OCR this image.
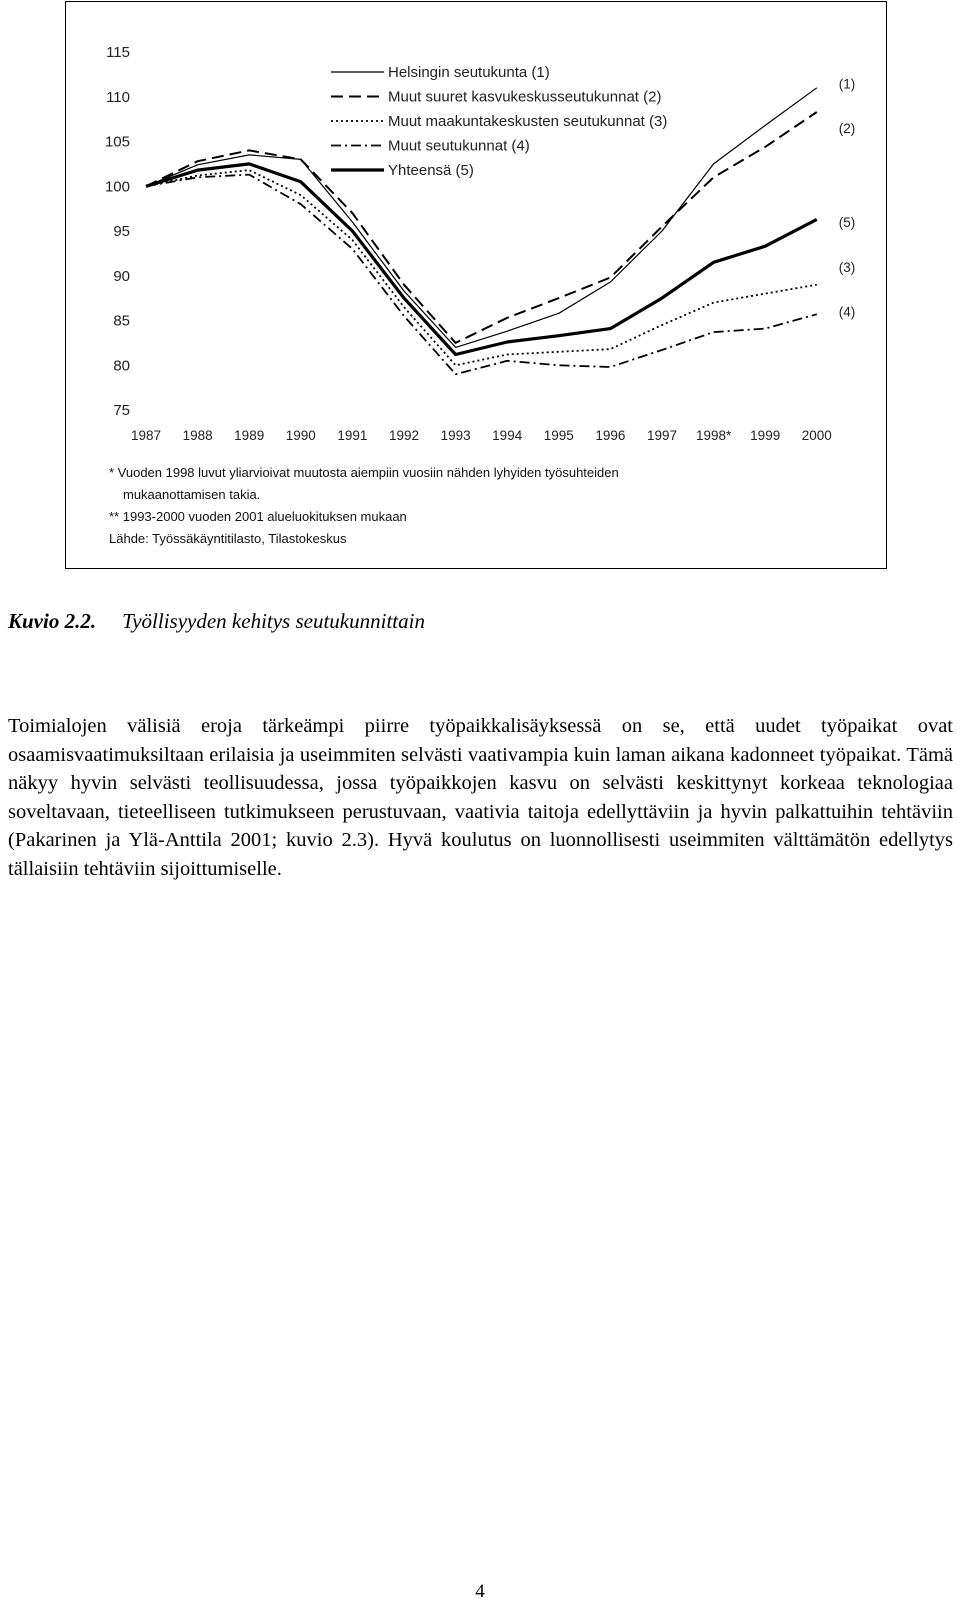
75
80
85
90
95
100
105
110
115
1987 1988 1989 1990 1991 1992 1993 1994 1995 1996 1997 1998* 1999 2000
(1)
(2)
(3)
(4)
(5)
Helsingin seutukunta (1)
Muut suuret kasvukeskusseutukunnat (2)
Muut maakuntakeskusten seutukunnat (3)
Muut seutukunnat (4)
Yhteensä (5)
* Vuoden 1998 luvut yliarvioivat muutosta aiempiin vuosiin nähden lyhyiden työsuhteiden
mukaanottamisen takia.
** 1993-2000 vuoden 2001 alueluokituksen mukaan
Lähde: Työssäkäyntitilasto, Tilastokeskus
Kuvio 2.2. Työllisyyden kehitys seutukunnittain
Toimialojen välisiä eroja tärkeämpi piirre työpaikkalisäyksessä on se, että uudet työpaikat ovat osaamisvaatimuksiltaan erilaisia ja useimmiten selvästi vaativampia kuin laman aikana kadonneet työpaikat. Tämä näkyy hyvin selvästi teollisuudessa, jossa työpaikkojen kasvu on selvästi keskittynyt korkeaa teknologiaa soveltavaan, tieteelliseen tutkimukseen perustuvaan, vaativia taitoja edellyttäviin ja hyvin palkattuihin tehtäviin (Pakarinen ja Ylä-Anttila 2001; kuvio 2.3). Hyvä koulutus on luonnollisesti useimmiten välttämätön edellytys tällaisiin tehtäviin sijoittumiselle.
4
